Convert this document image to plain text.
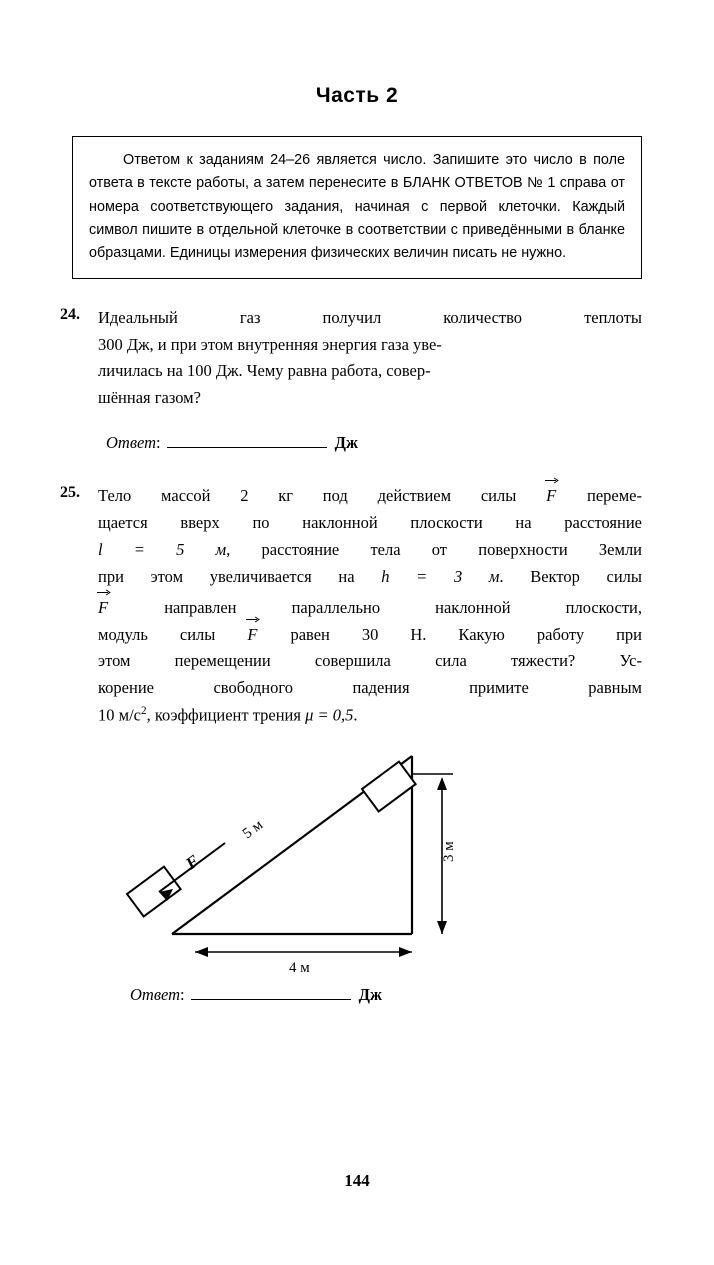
Часть 2

Ответом к заданиям 24–26 является число. Запишите это число в поле ответа в тексте работы, а затем перенесите в БЛАНК ОТВЕТОВ № 1 справа от номера соответствующего задания, начиная с первой клеточки. Каждый символ пишите в отдельной клеточке в соответствии с приведёнными в бланке образцами. Единицы измерения физических величин писать не нужно.

24.	Идеальный газ получил количество теплоты

300 Дж, и при этом внутренняя энергия газа уве-

личилась на 100 Дж. Чему равна работа, совер-

шённая газом?

Ответ:	Дж
25.	Тело массой 2 кг под действием силы F переме-

щается вверх по наклонной плоскости на расстояние

l = 5 м, расстояние тела от поверхности Земли

при этом увеличивается на h = 3 м. Вектор силы

F	направлен параллельно наклонной плоскости,

модуль силы F равен 30 Н. Какую работу при

этом перемещении совершила сила тяжести? Ус-

корение свободного падения примите равным

10 $м/с^2$, коэффициент трения μ = 0,5.

F
5 м
3 м
4 м
Ответ:	Дж
144
